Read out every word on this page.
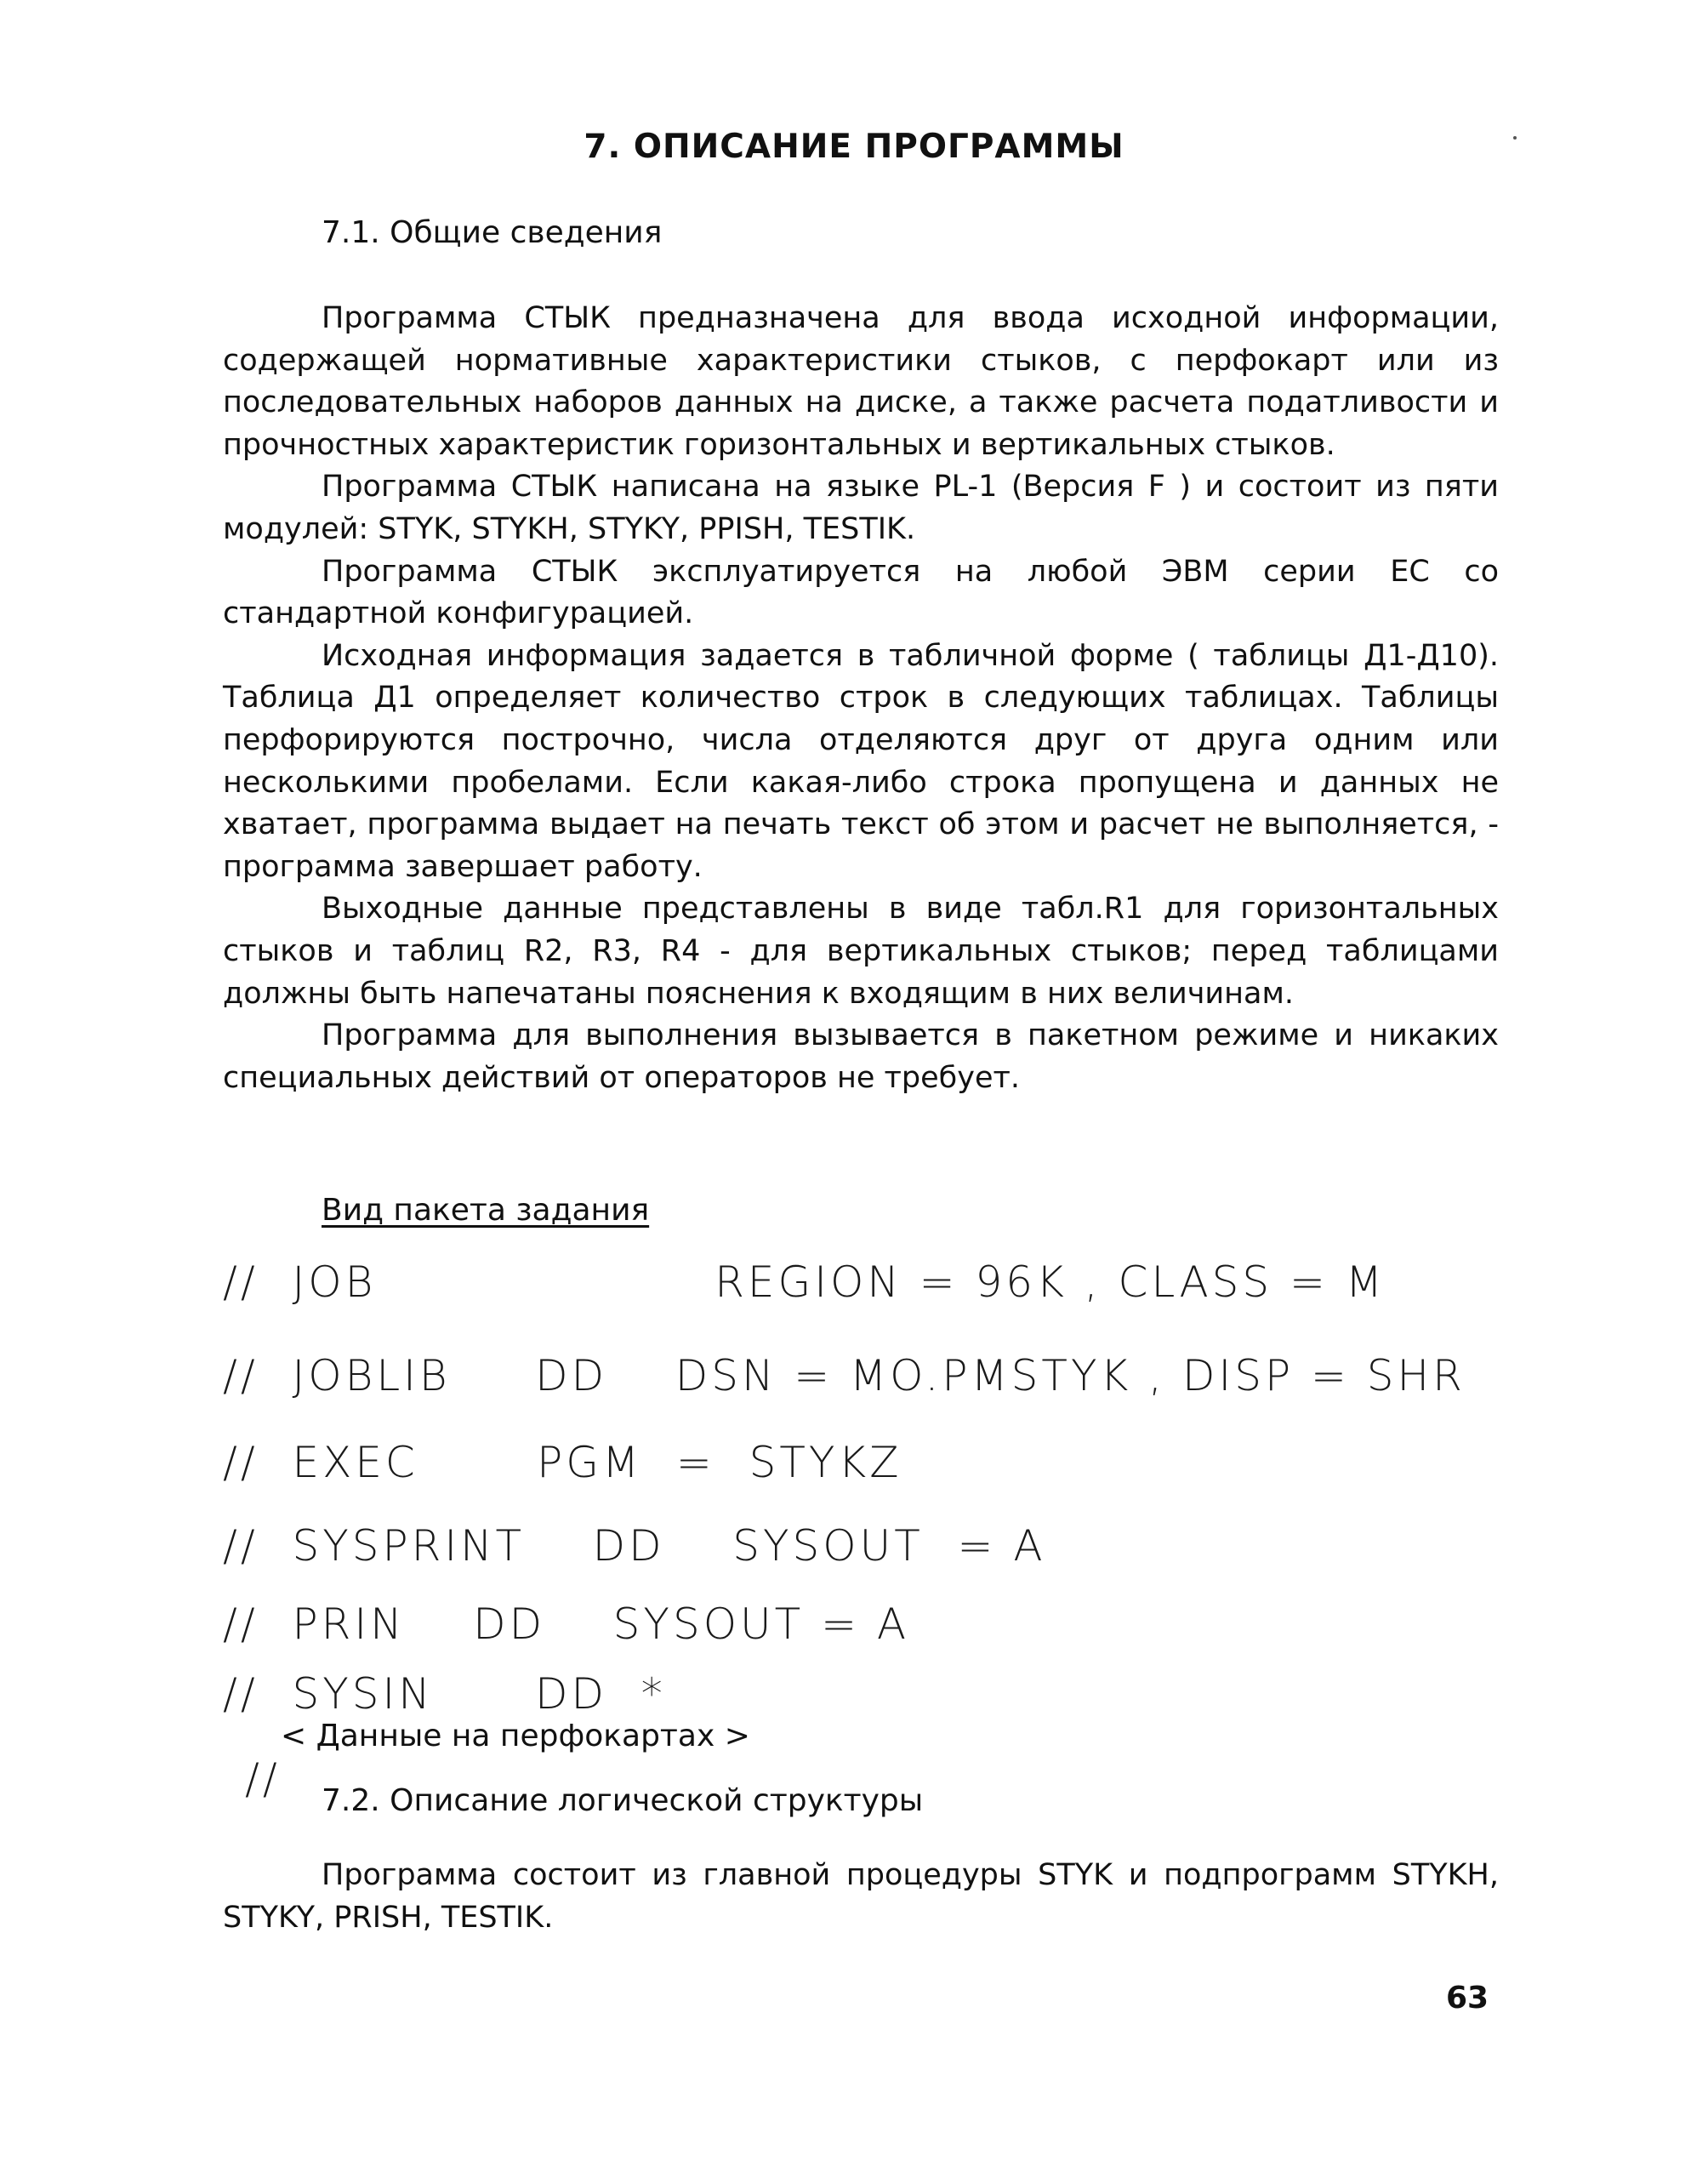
7. ОПИСАНИЕ ПРОГРАММЫ
7.1. Общие сведения

Программа СТЫК предназначена для ввода исходной информации, содержащей нормативные характеристики стыков, с перфокарт или из последовательных наборов данных на диске, а также расчета податливости и прочностных характеристик горизонтальных и вертикальных стыков.

Программа СТЫК написана на языке PL-1 (Версия F ) и состоит из пяти модулей: STYK, STYKH, STYKY, PPISH, TESTIK.

Программа СТЫК эксплуатируется на любой ЭВМ серии ЕС со стандартной конфигурацией.

Исходная информация задается в табличной форме ( таблицы Д1-Д10). Таблица Д1 определяет количество строк в следующих таблицах. Таблицы перфорируются построчно, числа отделяются друг от друга одним или несколькими пробелами. Если какая-либо строка пропущена и данных не хватает, программа выдает на печать текст об этом и расчет не выполняется, - программа завершает работу.

Выходные данные представлены в виде табл.R1 для горизонтальных стыков и таблиц R2, R3, R4 - для вертикальных стыков; перед таблицами должны быть напечатаны пояснения к входящим в них величинам.

Программа для выполнения вызывается в пакетном режиме и никаких специальных действий от операторов не требует.

Вид пакета задания
//  JOB                    REGION = 96K , CLASS = M
//  JOBLIB     DD    DSN = MO.PMSTYK , DISP = SHR
//  EXEC       PGM  =  STYKZ
//  SYSPRINT    DD    SYSOUT  = A
//  PRIN    DD    SYSOUT = A
//  SYSIN      DD  *
< Данные на перфокартах >
// 7.2. Описание логической структуры

Программа состоит из главной процедуры STYK и подпрограмм STYKH, STYKY, PRISH, TESTIK.

63
